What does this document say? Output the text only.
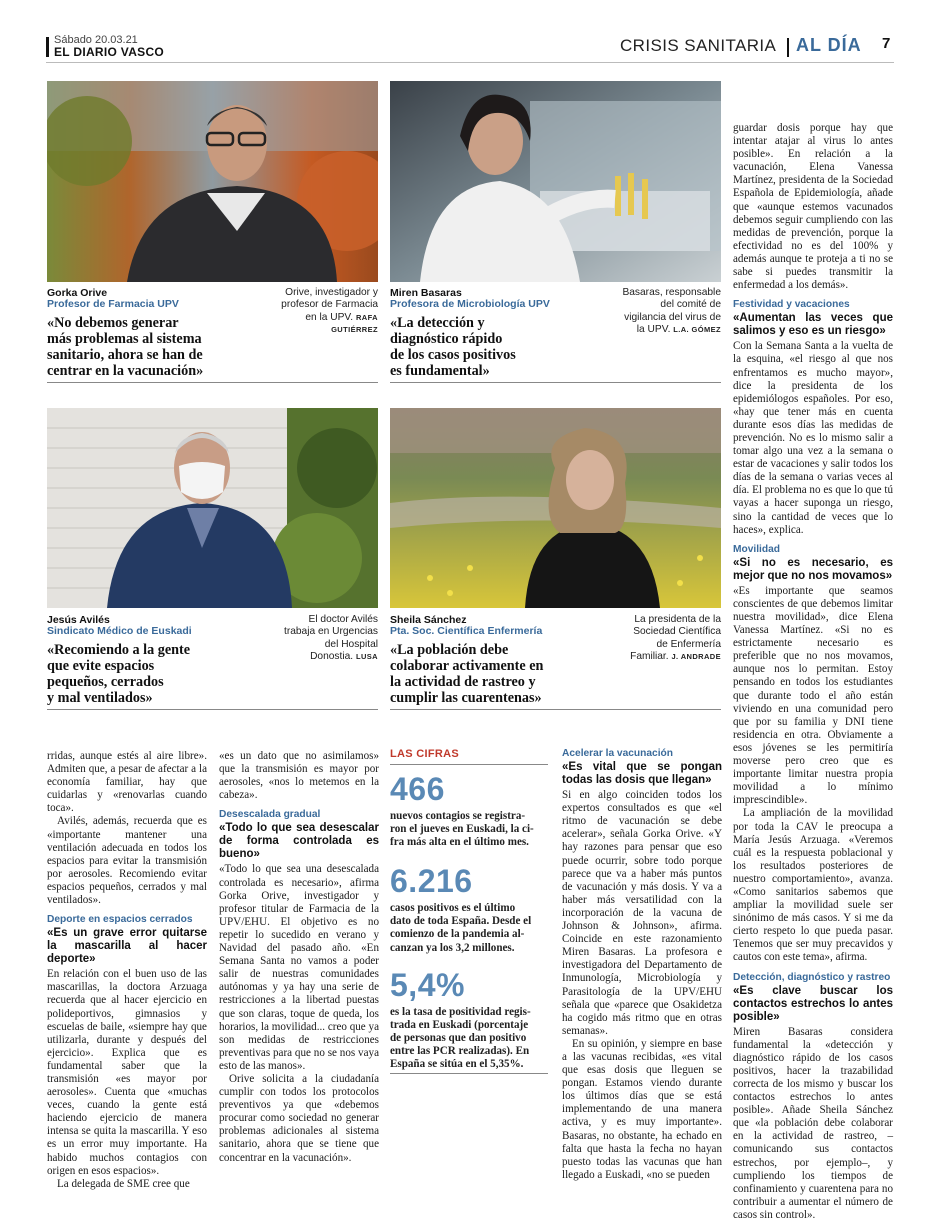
Sábado 20.03.21
EL DIARIO VASCO	CRISIS SANITARIA AL DÍA 7
Gorka Orive
Profesor de Farmacia UPV
«No debemos generar
más problemas al sistema
sanitario, ahora se han de
centrar en la vacunación»
Orive, investigador y
profesor de Farmacia
en la UPV. RAFA
GUTIÉRREZ
Miren Basaras
Profesora de Microbiología UPV
«La detección y
diagnóstico rápido
de los casos positivos
es fundamental»
Basaras, responsable
del comité de
vigilancia del virus de
la UPV. L.A. GÓMEZ
Jesús Avilés
Sindicato Médico de Euskadi
«Recomiendo a la gente
que evite espacios
pequeños, cerrados
y mal ventilados»
El doctor Avilés
trabaja en Urgencias
del Hospital
Donostia. LUSA
Sheila Sánchez
Pta. Soc. Científica Enfermería
«La población debe
colaborar activamente en
la actividad de rastreo y
cumplir las cuarentenas»
La presidenta de la
Sociedad Científica
de Enfermería
Familiar. J. ANDRADE

rridas, aunque estés al aire libre». Admiten que, a pesar de afectar a la economía familiar, hay que cuidarlas y «renovarlas cuando toca».

Avilés, además, recuerda que es «importante mantener una ventilación adecuada en todos los espacios para evitar la transmisión por aerosoles. Recomiendo evitar espacios pequeños, cerrados y mal ventilados».

Deporte en espacios cerrados

«Es un grave error quitarse la mascarilla al hacer deporte»

En relación con el buen uso de las mascarillas, la doctora Arzuaga recuerda que al hacer ejercicio en polideportivos, gimnasios y escuelas de baile, «siempre hay que utilizarla, durante y después del ejercicio». Explica que es fundamental saber que la transmisión «es mayor por aerosoles». Cuenta que «muchas veces, cuando la gente está haciendo ejercicio de manera intensa se quita la mascarilla. Y eso es un error muy importante. Ha habido muchos contagios con origen en esos espacios».

La delegada de SME cree que

«es un dato que no asimilamos» que la transmisión es mayor por aerosoles, «nos lo metemos en la cabeza».

Desescalada gradual

«Todo lo que sea desescalar de forma controlada es bueno»

«Todo lo que sea una desescalada controlada es necesario», afirma Gorka Orive, investigador y profesor titular de Farmacia de la UPV/EHU. El objetivo es no repetir lo sucedido en verano y Navidad del pasado año. «En Semana Santa no vamos a poder salir de nuestras comunidades autónomas y ya hay una serie de restricciones a la libertad puestas que son claras, toque de queda, los horarios, la movilidad... creo que ya son medidas de restricciones preventivas para que no se nos vaya esto de las manos».

Orive solicita a la ciudadanía cumplir con todos los protocolos preventivos ya que «debemos procurar como sociedad no generar problemas adicionales al sistema sanitario, ahora que se tiene que concentrar en la vacunación».

LAS CIFRAS
466
nuevos contagios se registra-
ron el jueves en Euskadi, la ci-
fra más alta en el último mes.
6.216
casos positivos es el último
dato de toda España. Desde el
comienzo de la pandemia al-
canzan ya los 3,2 millones.
5,4%
es la tasa de positividad regis-
trada en Euskadi (porcentaje
de personas que dan positivo
entre las PCR realizadas). En
España se sitúa en el 5,35%.

Acelerar la vacunación

«Es vital que se pongan todas las dosis que llegan»

Si en algo coinciden todos los expertos consultados es que «el ritmo de vacunación se debe acelerar», señala Gorka Orive. «Y hay razones para pensar que eso puede ocurrir, sobre todo porque parece que va a haber más puntos de vacunación y más dosis. Y va a haber más versatilidad con la incorporación de la vacuna de Johnson & Johnson», afirma. Coincide en este razonamiento Miren Basaras. La profesora e investigadora del Departamento de Inmunología, Microbiología y Parasitología de la UPV/EHU señala que «parece que Osakidetza ha cogido más ritmo que en otras semanas».

En su opinión, y siempre en base a las vacunas recibidas, «es vital que esas dosis que lleguen se pongan. Estamos viendo durante los últimos días que se está implementando de una manera activa, y es muy importante». Basaras, no obstante, ha echado en falta que hasta la fecha no hayan puesto todas las vacunas que han llegado a Euskadi, «no se pueden

guardar dosis porque hay que intentar atajar al virus lo antes posible». En relación a la vacunación, Elena Vanessa Martínez, presidenta de la Sociedad Española de Epidemiología, añade que «aunque estemos vacunados debemos seguir cumpliendo con las medidas de prevención, porque la efectividad no es del 100% y además aunque te proteja a ti no se sabe si puedes transmitir la enfermedad a los demás».

Festividad y vacaciones

«Aumentan las veces que salimos y eso es un riesgo»

Con la Semana Santa a la vuelta de la esquina, «el riesgo al que nos enfrentamos es mucho mayor», dice la presidenta de los epidemiólogos españoles. Por eso, «hay que tener más en cuenta durante esos días las medidas de prevención. No es lo mismo salir a tomar algo una vez a la semana o estar de vacaciones y salir todos los días de la semana o varias veces al día. El problema no es que lo que tú vayas a hacer suponga un riesgo, sino la cantidad de veces que lo haces», explica.

Movilidad

«Si no es necesario, es mejor que no nos movamos»

«Es importante que seamos conscientes de que debemos limitar nuestra movilidad», dice Elena Vanessa Martínez. «Si no es estrictamente necesario es preferible que no nos movamos, aunque nos lo permitan. Estoy pensando en todos los estudiantes que durante todo el año están viviendo en una comunidad pero que por su familia y DNI tiene residencia en otra. Obviamente a esos jóvenes se les permitiría moverse pero creo que es importante limitar nuestra propia movilidad a lo mínimo imprescindible».

La ampliación de la movilidad por toda la CAV le preocupa a María Jesús Arzuaga. «Veremos cuál es la respuesta poblacional y los resultados posteriores de nuestro comportamiento», avanza. «Como sanitarios sabemos que ampliar la movilidad suele ser sinónimo de más casos. Y si me da cierto respeto lo que pueda pasar. Tenemos que ser muy precavidos y cautos con este tema», afirma.

Detección, diagnóstico y rastreo

«Es clave buscar los contactos estrechos lo antes posible»

Miren Basaras considera fundamental la «detección y diagnóstico rápido de los casos positivos, hacer la trazabilidad correcta de los mismo y buscar los contactos estrechos lo antes posible». Añade Sheila Sánchez que «la población debe colaborar en la actividad de rastreo, –comunicando sus contactos estrechos, por ejemplo–, y cumpliendo los tiempos de confinamiento y cuarentena para no contribuir a aumentar el número de casos sin control».
